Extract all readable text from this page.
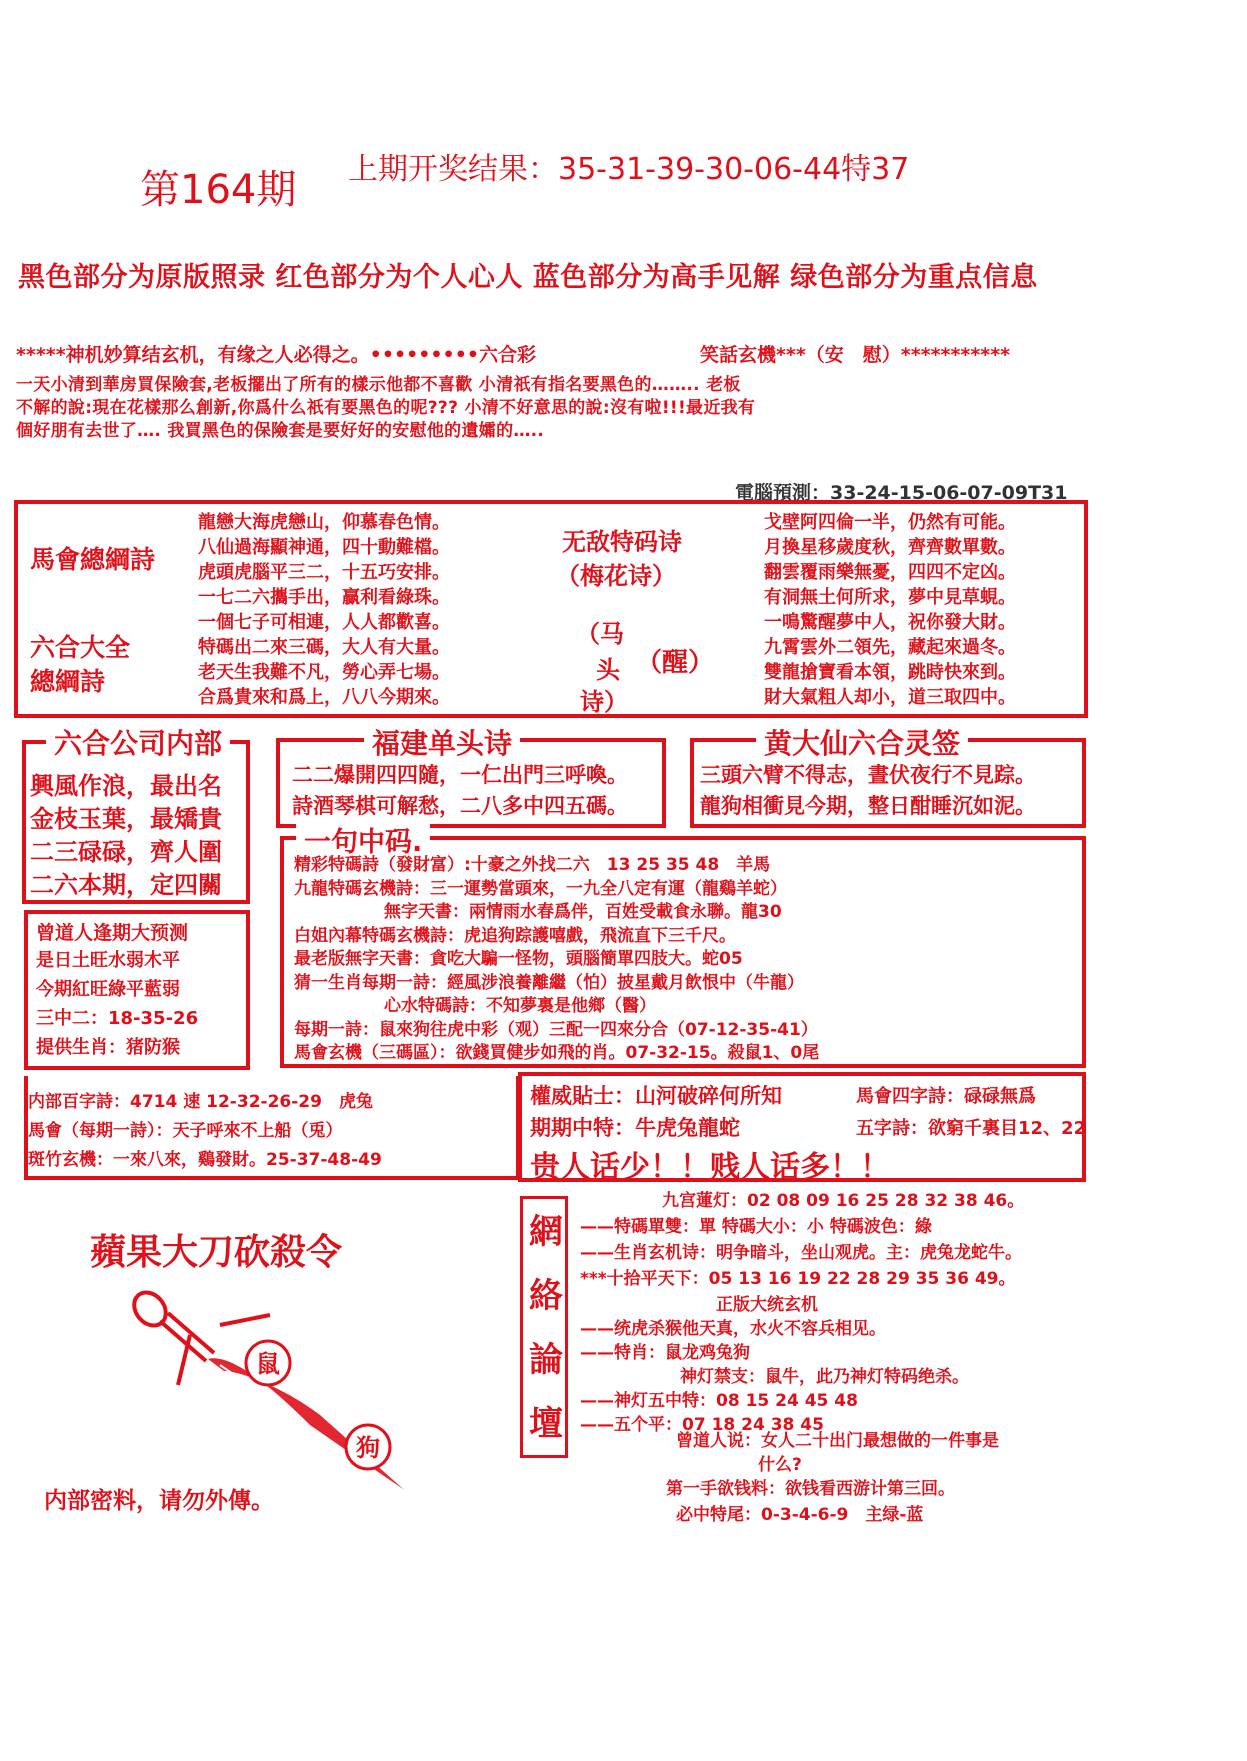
第164期 上期开奖结果：35-31-39-30-06-44特37
黑色部分为原版照录 红色部分为个人心人 蓝色部分为高手见解 绿色部分为重点信息
*****神机妙算结玄机，有缘之人必得之。•••••••••六合彩	笑話玄機***（安　慰）***********
一天小清到華房買保險套,老板擺出了所有的樣示他都不喜歡 小清祇有指名要黑色的…….. 老板
不解的說:現在花樣那么創新,你爲什么祇有要黑色的呢??? 小清不好意思的說:沒有啦!!!最近我有
個好朋有去世了…. 我買黑色的保險套是要好好的安慰他的遺孀的…..
電腦預測：33-24-15-06-07-09T31
馬會總綱詩
六合大全
總綱詩
龍戀大海虎戀山，仰慕春色情。
八仙過海顯神通，四十動難檔。
虎頭虎腦平三二，十五巧安排。
一七二六攜手出，贏利看綠珠。
一個七子可相連，人人都歡喜。
特碼出二來三碼，大人有大量。
老天生我難不凡，勞心弄七場。
合爲貴來和爲上，八八今期來。
无敌特码诗
（梅花诗）
（马
头 （醒）
诗）
戈壁阿四倫一半，仍然有可能。
月換星移歲度秋，齊齊數單數。
翻雲覆雨樂無憂，四四不定凶。
有洞無土何所求，夢中見草蜆。
一鳴驚醒夢中人，祝你發大財。
九霄雲外二領先，藏起來過冬。
雙龍搶寶看本領，跳時快來到。
財大氣粗人却小，道三取四中。
六合公司内部
興風作浪，最出名
金枝玉葉，最矯貴
二三碌碌，齊人圍
二六本期，定四關
福建单头诗
二二爆開四四隨，一仁出門三呼喚。
詩酒琴棋可解愁，二八多中四五碼。
黄大仙六合灵签
三頭六臂不得志，晝伏夜行不見踪。
龍狗相衝見今期，整日酣睡沉如泥。
曾道人逢期大预测
是日土旺水弱木平
今期紅旺綠平藍弱
三中二：18-35-26
提供生肖：猪防猴
一句中码.
精彩特碼詩（發財富）:十豪之外找二六　13 25 35 48　羊馬
九龍特碼玄機詩：三一運勢當頭來，一九全八定有運（龍鷄羊蛇）
無字天書：兩情雨水春爲伴，百姓受載食永聯。龍30
白姐內幕特碼玄機詩：虎追狗踪護嘻戲，飛流直下三千尺。
最老版無字天書：貪吃大騙一怪物，頭腦簡單四肢大。蛇05
猜一生肖每期一詩：經風涉浪養離繼（怕）披星戴月飲恨中（牛龍）
心水特碼詩：不知夢裏是他鄉（醫）
每期一詩：鼠來狗往虎中彩（观）三配一四來分合（07-12-35-41）
馬會玄機（三碼區）：欲錢買健步如飛的肖。07-32-15。殺鼠1、0尾
内部百字詩：4714 速 12-32-26-29　虎兔
馬會（每期一詩）：天子呼來不上船（兎）
斑竹玄機：一來八來，鷄發財。25-37-48-49
權威貼士：山河破碎何所知	馬會四字詩：碌碌無爲
期期中特：牛虎兔龍蛇	五字詩：欲窮千裏目12、22
贵人话少！！贱人话多！！
蘋果大刀砍殺令
鼠
狗
内部密料，请勿外傳。
網
絡
論
壇
九宫蓮灯：02 08 09 16 25 28 32 38 46。
——特碼單雙：單 特碼大小：小 特碼波色：綠
——生肖玄机诗：明争暗斗，坐山观虎。主：虎兔龙蛇牛。
***十拾平天下：05 13 16 19 22 28 29 35 36 49。
正版大统玄机
——统虎杀猴他天真，水火不容兵相见。
——特肖：鼠龙鸡兔狗
神灯禁支：鼠牛，此乃神灯特码绝杀。
——神灯五中特：08 15 24 45 48
——五个平：07 18 24 38 45
曾道人说：女人二十出门最想做的一件事是
什么?
第一手欲钱料：欲钱看西游计第三回。
必中特尾：0-3-4-6-9　主绿-蓝
